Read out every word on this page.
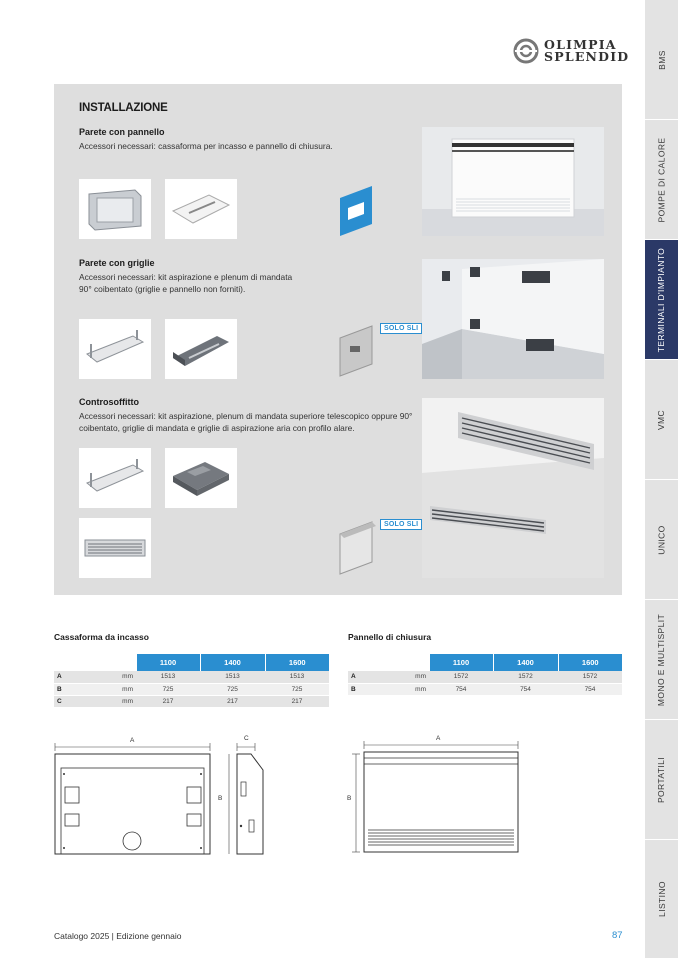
OLIMPIA
SPLENDID	BMS
POMPE DI CALORE
TERMINALI D'IMPIANTO
VMC
UNICO
MONO E MULTISPLIT
PORTATILI
LISTINO
INSTALLAZIONE
Parete con pannello
Accessori necessari: cassaforma per incasso e pannello di chiusura.
Parete con griglie
Accessori necessari: kit aspirazione e plenum di mandata
90° coibentato (griglie e pannello non forniti).
SOLO SLI
Controsoffitto
Accessori necessari: kit aspirazione, plenum di mandata superiore telescopico oppure 90°
coibentato, griglie di mandata e griglie di aspirazione aria con profilo alare.
SOLO SLI
Cassaforma da incasso
		1100	1400	1600
A	mm	1513	1513	1513
B	mm	725	725	725
C	mm	217	217	217
Pannello di chiusura
		1100	1400	1600
A	mm	1572	1572	1572
B	mm	754	754	754
A	C
B
A
B
Catalogo 2025 | Edizione gennaio	87
